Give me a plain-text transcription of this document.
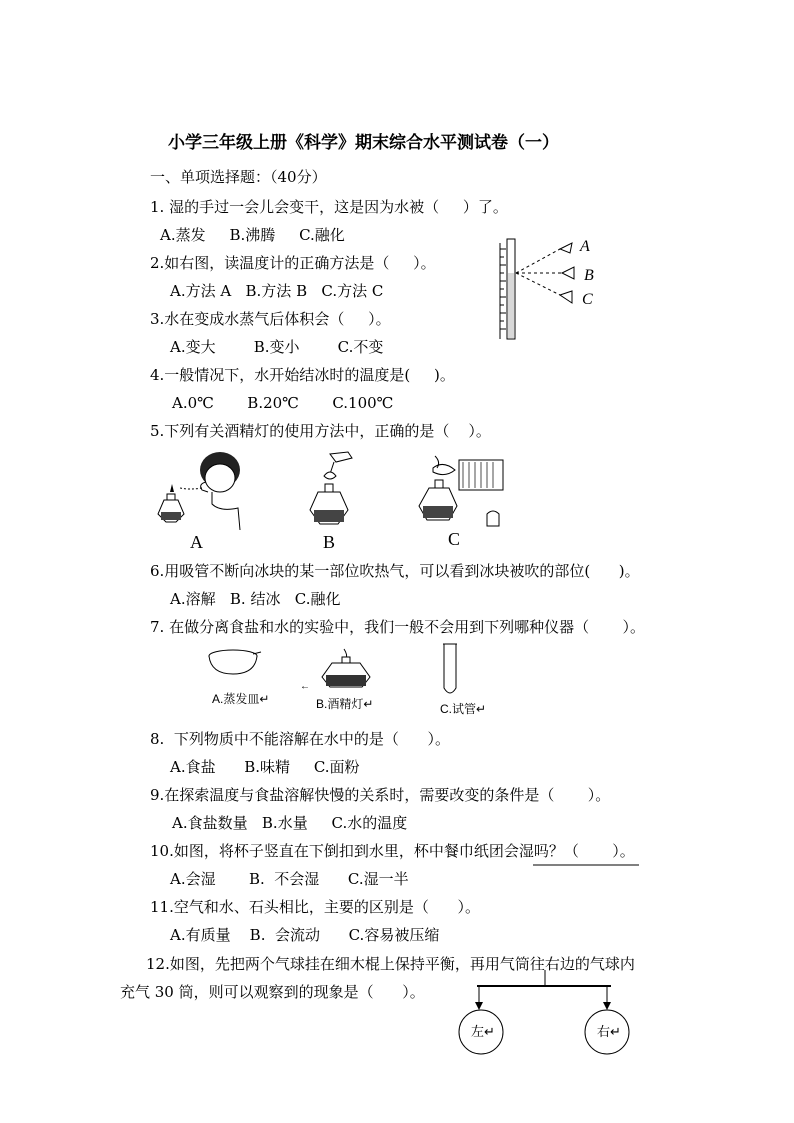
小学三年级上册《科学》期末综合水平测试卷（一）
一、单项选择题：（40分）
1. 湿的手过一会儿会变干，这是因为水被（     ）了。
A.蒸发     B.沸腾     C.融化
2.如右图，读温度计的正确方法是（     ）。
A.方法 A   B.方法 B   C.方法 C
A
B
C
3.水在变成水蒸气后体积会（     ）。
A.变大        B.变小        C.不变
4.一般情况下，水开始结冰时的温度是(     )。
A.0℃       B.20℃       C.100℃
5.下列有关酒精灯的使用方法中，正确的是（    ）。
A	B	C
6.用吸管不断向冰块的某一部位吹热气，可以看到冰块被吹的部位(      )。
A.溶解   B. 结冰   C.融化
7. 在做分离食盐和水的实验中，我们一般不会用到下列哪种仪器（       ）。
A.蒸发皿↵
←
B.酒精灯↵	C.试管↵
8.  下列物质中不能溶解在水中的是（      ）。
A.食盐      B.味精     C.面粉
9.在探索温度与食盐溶解快慢的关系时，需要改变的条件是（       ）。
A.食盐数量   B.水量     C.水的温度
10.如图，将杯子竖直在下倒扣到水里，杯中餐巾纸团会湿吗？（       ）。
A.会湿       B.  不会湿      C.湿一半
11.空气和水、石头相比，主要的区别是（      ）。
A.有质量    B.  会流动      C.容易被压缩
12.如图，先把两个气球挂在细木棍上保持平衡，再用气筒往右边的气球内
充气 30 筒，则可以观察到的现象是（      ）。
左↵	右↵
